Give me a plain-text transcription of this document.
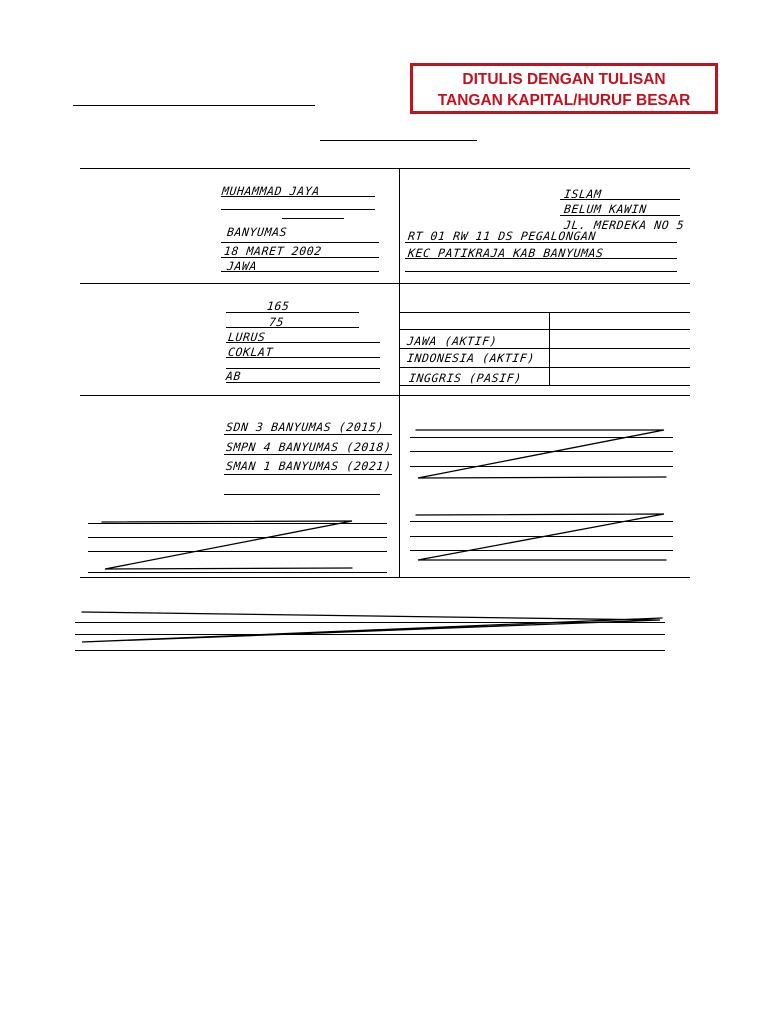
DITULIS DENGAN TULISAN
TANGAN KAPITAL/HURUF BESAR
MUHAMMAD JAYA
BANYUMAS
18 MARET 2002
JAWA
ISLAM
BELUM KAWIN
JL. MERDEKA NO 5
RT 01 RW 11 DS PEGALONGAN
KEC PATIKRAJA KAB BANYUMAS
165
75
LURUS
COKLAT
AB
JAWA (AKTIF)
INDONESIA (AKTIF)
INGGRIS (PASIF)
SDN 3 BANYUMAS (2015)
SMPN 4 BANYUMAS (2018)
SMAN 1 BANYUMAS (2021)
